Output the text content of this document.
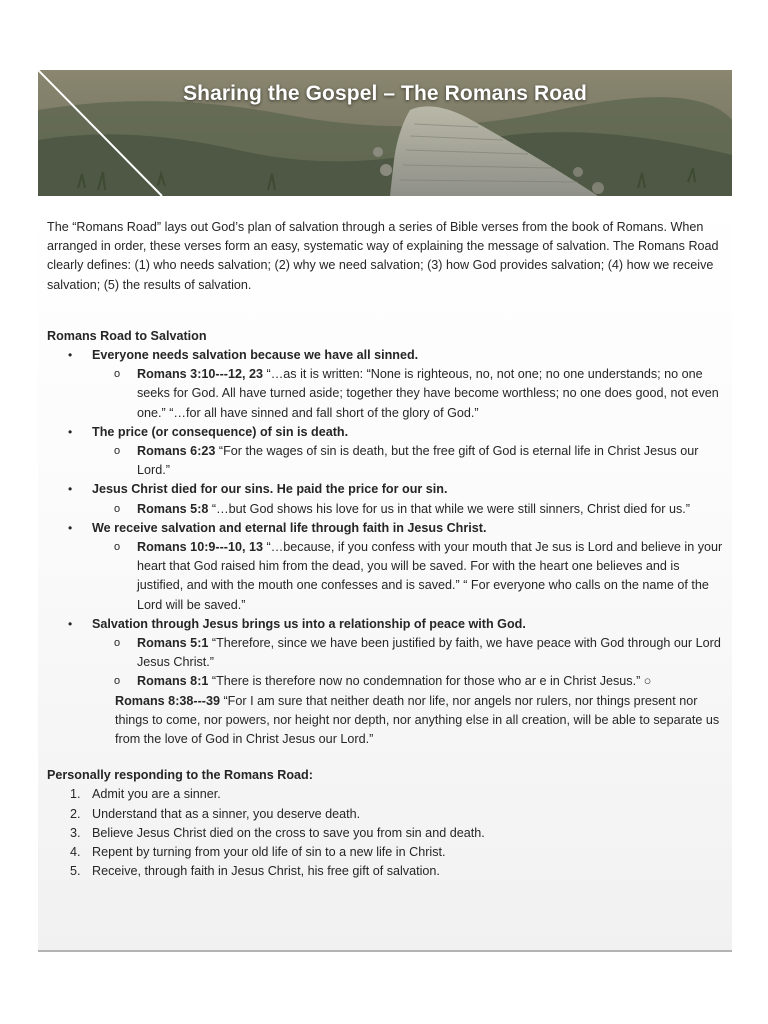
Sharing the Gospel – The Romans Road

The “Romans Road” lays out God’s plan of salvation through a series of Bible verses from the book of Romans. When arranged in order, these verses form an easy, systematic way of explaining the message of salvation. The Romans Road clearly defines: (1) who needs salvation; (2) why we need salvation; (3) how God provides salvation; (4) how we receive salvation; (5) the results of salvation.

Romans Road to Salvation

• Everyone needs salvation because we have all sinned.
o Romans 3:10---12, 23 “…as it is written: “None is righteous, no, not one; no one understands; no one seeks for God. All have turned aside; together they have become worthless; no one does good, not even one.” “…for all have sinned and fall short of the glory of God.”
• The price (or consequence) of sin is death.
o Romans 6:23 “For the wages of sin is death, but the free gift of God is eternal life in Christ Jesus our Lord.”
• Jesus Christ died for our sins. He paid the price for our sin.
o Romans 5:8 “…but God shows his love for us in that while we were still sinners, Christ died for us.”
• We receive salvation and eternal life through faith in Jesus Christ.
o Romans 10:9---10, 13 “…because, if you confess with your mouth that Je sus is Lord and believe in your heart that God raised him from the dead, you will be saved. For with the heart one believes and is justified, and with the mouth one confesses and is saved.” “ For everyone who calls on the name of the Lord will be saved.”
• Salvation through Jesus brings us into a relationship of peace with God.
o Romans 5:1 “Therefore, since we have been justified by faith, we have peace with God through our Lord Jesus Christ.”
o Romans 8:1 “There is therefore now no condemnation for those who ar e in Christ Jesus.” ○
Romans 8:38---39 “For I am sure that neither death nor life, nor angels nor rulers, nor things present nor things to come, nor powers, nor height nor depth, nor anything else in all creation, will be able to separate us from the love of God in Christ Jesus our Lord.”

Personally responding to the Romans Road:

1. Admit you are a sinner.
2. Understand that as a sinner, you deserve death.
3. Believe Jesus Christ died on the cross to save you from sin and death.
4. Repent by turning from your old life of sin to a new life in Christ.
5. Receive, through faith in Jesus Christ, his free gift of salvation.
